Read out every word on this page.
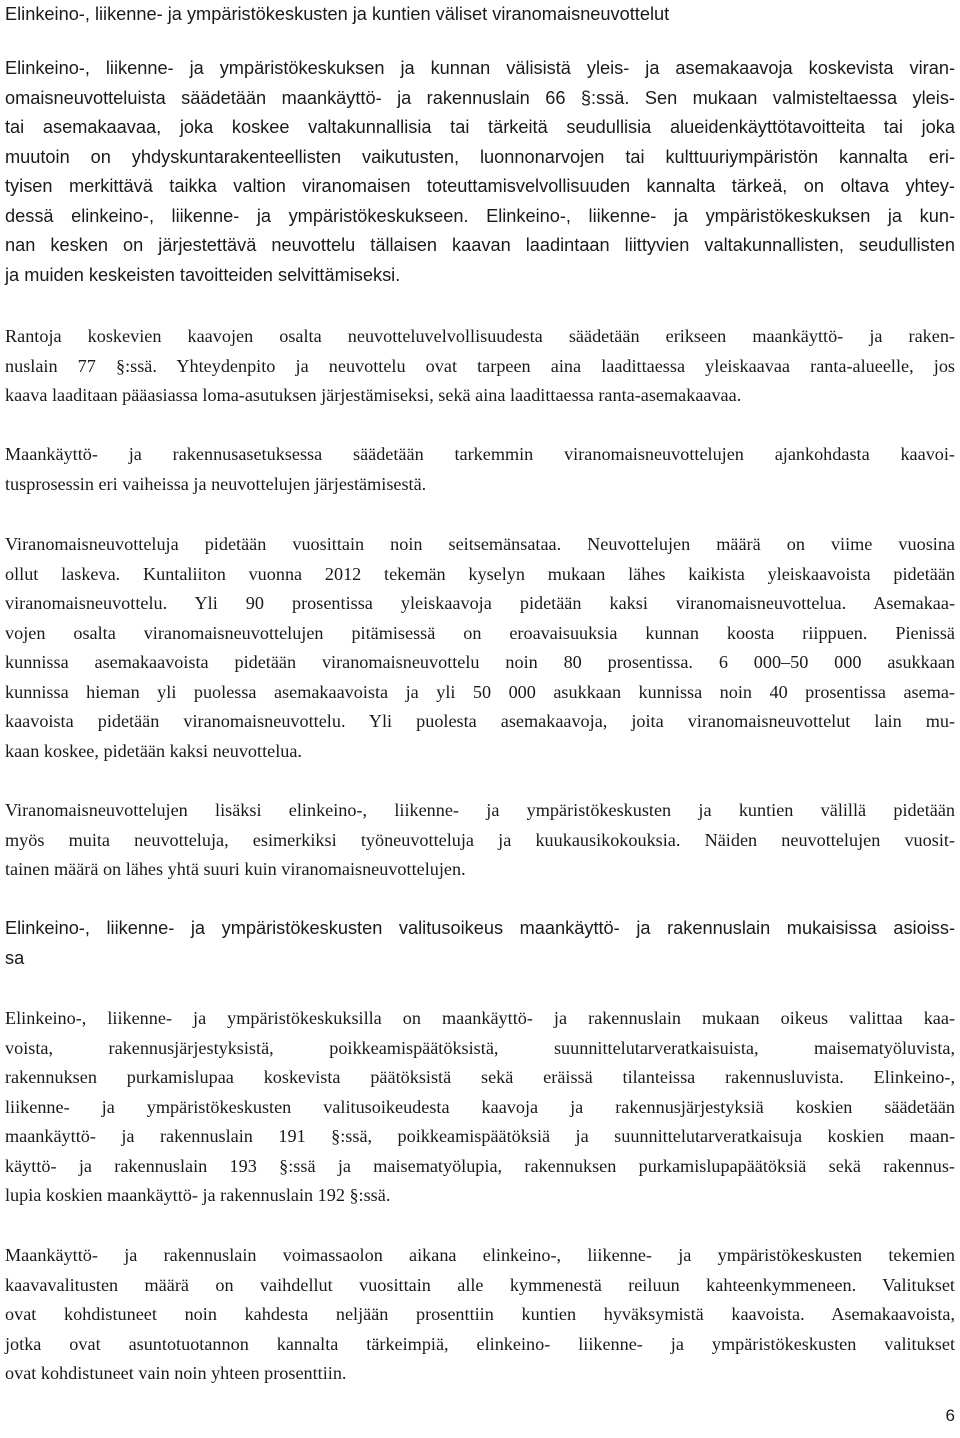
Elinkeino-, liikenne- ja ympäristökeskusten ja kuntien väliset viranomaisneuvottelut
Elinkeino-, liikenne- ja ympäristökeskuksen ja kunnan välisistä yleis- ja asemakaavoja koskevista viran-
omaisneuvotteluista säädetään maankäyttö- ja rakennuslain 66 §:ssä. Sen mukaan valmisteltaessa yleis-
tai asemakaavaa, joka koskee valtakunnallisia tai tärkeitä seudullisia alueidenkäyttötavoitteita tai joka
muutoin on yhdyskuntarakenteellisten vaikutusten, luonnonarvojen tai kulttuuriympäristön kannalta eri-
tyisen merkittävä taikka valtion viranomaisen toteuttamisvelvollisuuden kannalta tärkeä, on oltava yhtey-
dessä elinkeino-, liikenne- ja ympäristökeskukseen. Elinkeino-, liikenne- ja ympäristökeskuksen ja kun-
nan kesken on järjestettävä neuvottelu tällaisen kaavan laadintaan liittyvien valtakunnallisten, seudullisten
ja muiden keskeisten tavoitteiden selvittämiseksi.
Rantoja koskevien kaavojen osalta neuvotteluvelvollisuudesta säädetään erikseen maankäyttö- ja raken-
nuslain 77 §:ssä. Yhteydenpito ja neuvottelu ovat tarpeen aina laadittaessa yleiskaavaa ranta-alueelle, jos
kaava laaditaan pääasiassa loma-asutuksen järjestämiseksi, sekä aina laadittaessa ranta-asemakaavaa.
Maankäyttö- ja rakennusasetuksessa säädetään tarkemmin viranomaisneuvottelujen ajankohdasta kaavoi-
tusprosessin eri vaiheissa ja neuvottelujen järjestämisestä.
Viranomaisneuvotteluja pidetään vuosittain noin seitsemänsataa. Neuvottelujen määrä on viime vuosina
ollut laskeva. Kuntaliiton vuonna 2012 tekemän kyselyn mukaan lähes kaikista yleiskaavoista pidetään
viranomaisneuvottelu. Yli 90 prosentissa yleiskaavoja pidetään kaksi viranomaisneuvottelua. Asemakaa-
vojen osalta viranomaisneuvottelujen pitämisessä on eroavaisuuksia kunnan koosta riippuen. Pienissä
kunnissa asemakaavoista pidetään viranomaisneuvottelu noin 80 prosentissa. 6 000–50 000 asukkaan
kunnissa hieman yli puolessa asemakaavoista ja yli 50 000 asukkaan kunnissa noin 40 prosentissa asema-
kaavoista pidetään viranomaisneuvottelu. Yli puolesta asemakaavoja, joita viranomaisneuvottelut lain mu-
kaan koskee, pidetään kaksi neuvottelua.
Viranomaisneuvottelujen lisäksi elinkeino-, liikenne- ja ympäristökeskusten ja kuntien välillä pidetään
myös muita neuvotteluja, esimerkiksi työneuvotteluja ja kuukausikokouksia. Näiden neuvottelujen vuosit-
tainen määrä on lähes yhtä suuri kuin viranomaisneuvottelujen.
Elinkeino-, liikenne- ja ympäristökeskusten valitusoikeus maankäyttö- ja rakennuslain mukaisissa asioiss-
sa
Elinkeino-, liikenne- ja ympäristökeskuksilla on maankäyttö- ja rakennuslain mukaan oikeus valittaa kaa-
voista, rakennusjärjestyksistä, poikkeamispäätöksistä, suunnittelutarveratkaisuista, maisematyöluvista,
rakennuksen purkamislupaa koskevista päätöksistä sekä eräissä tilanteissa rakennusluvista. Elinkeino-,
liikenne- ja ympäristökeskusten valitusoikeudesta kaavoja ja rakennusjärjestyksiä koskien säädetään
maankäyttö- ja rakennuslain 191 §:ssä, poikkeamispäätöksiä ja suunnittelutarveratkaisuja koskien maan-
käyttö- ja rakennuslain 193 §:ssä ja maisematyölupia, rakennuksen purkamislupapäätöksiä sekä rakennus-
lupia koskien maankäyttö- ja rakennuslain 192 §:ssä.
Maankäyttö- ja rakennuslain voimassaolon aikana elinkeino-, liikenne- ja ympäristökeskusten tekemien
kaavavalitusten määrä on vaihdellut vuosittain alle kymmenestä reiluun kahteenkymmeneen. Valitukset
ovat kohdistuneet noin kahdesta neljään prosenttiin kuntien hyväksymistä kaavoista. Asemakaavoista,
jotka ovat asuntotuotannon kannalta tärkeimpiä, elinkeino- liikenne- ja ympäristökeskusten valitukset
ovat kohdistuneet vain noin yhteen prosenttiin.
6
